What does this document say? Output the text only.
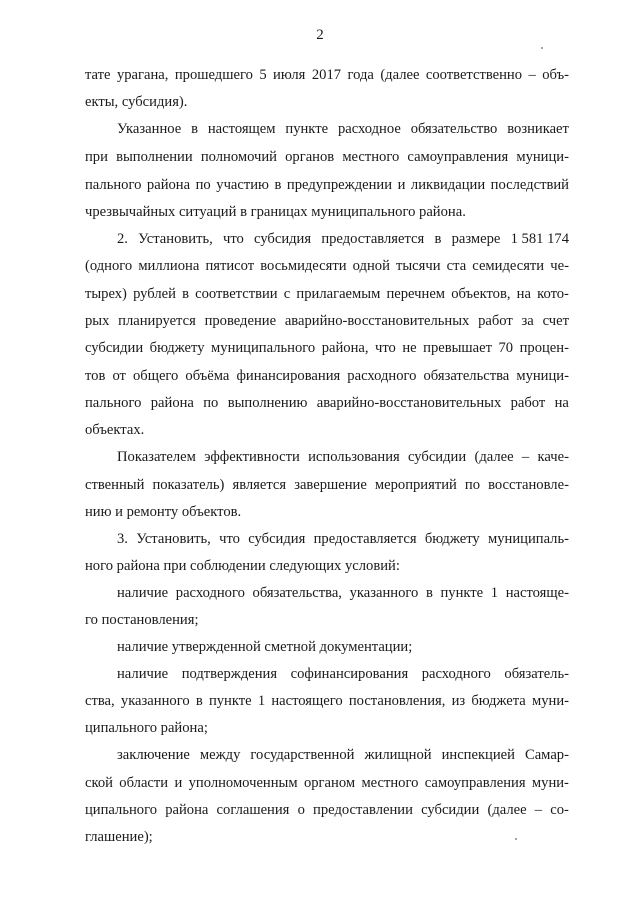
2
тате урагана, прошедшего 5 июля 2017 года (далее соответственно – объ-
екты, субсидия).
Указанное в настоящем пункте расходное обязательство возникает
при выполнении полномочий органов местного самоуправления муници-
пального района по участию в предупреждении и ликвидации последствий
чрезвычайных ситуаций в границах муниципального района.
2. Установить, что субсидия предоставляется в размере 1 581 174
(одного миллиона пятисот восьмидесяти одной тысячи ста семидесяти че-
тырех) рублей в соответствии с прилагаемым перечнем объектов, на кото-
рых планируется проведение аварийно-восстановительных работ за счет
субсидии бюджету муниципального района, что не превышает 70 процен-
тов от общего объёма финансирования расходного обязательства муници-
пального района по выполнению аварийно-восстановительных работ на
объектах.
Показателем эффективности использования субсидии (далее – каче-
ственный показатель) является завершение мероприятий по восстановле-
нию и ремонту объектов.
3. Установить, что субсидия предоставляется бюджету муниципаль-
ного района при соблюдении следующих условий:
наличие расходного обязательства, указанного в пункте 1 настояще-
го постановления;
наличие утвержденной сметной документации;
наличие подтверждения софинансирования расходного обязатель-
ства, указанного в пункте 1 настоящего постановления, из бюджета муни-
ципального района;
заключение между государственной жилищной инспекцией Самар-
ской области и уполномоченным органом местного самоуправления муни-
ципального района соглашения о предоставлении субсидии (далее – со-
глашение);
